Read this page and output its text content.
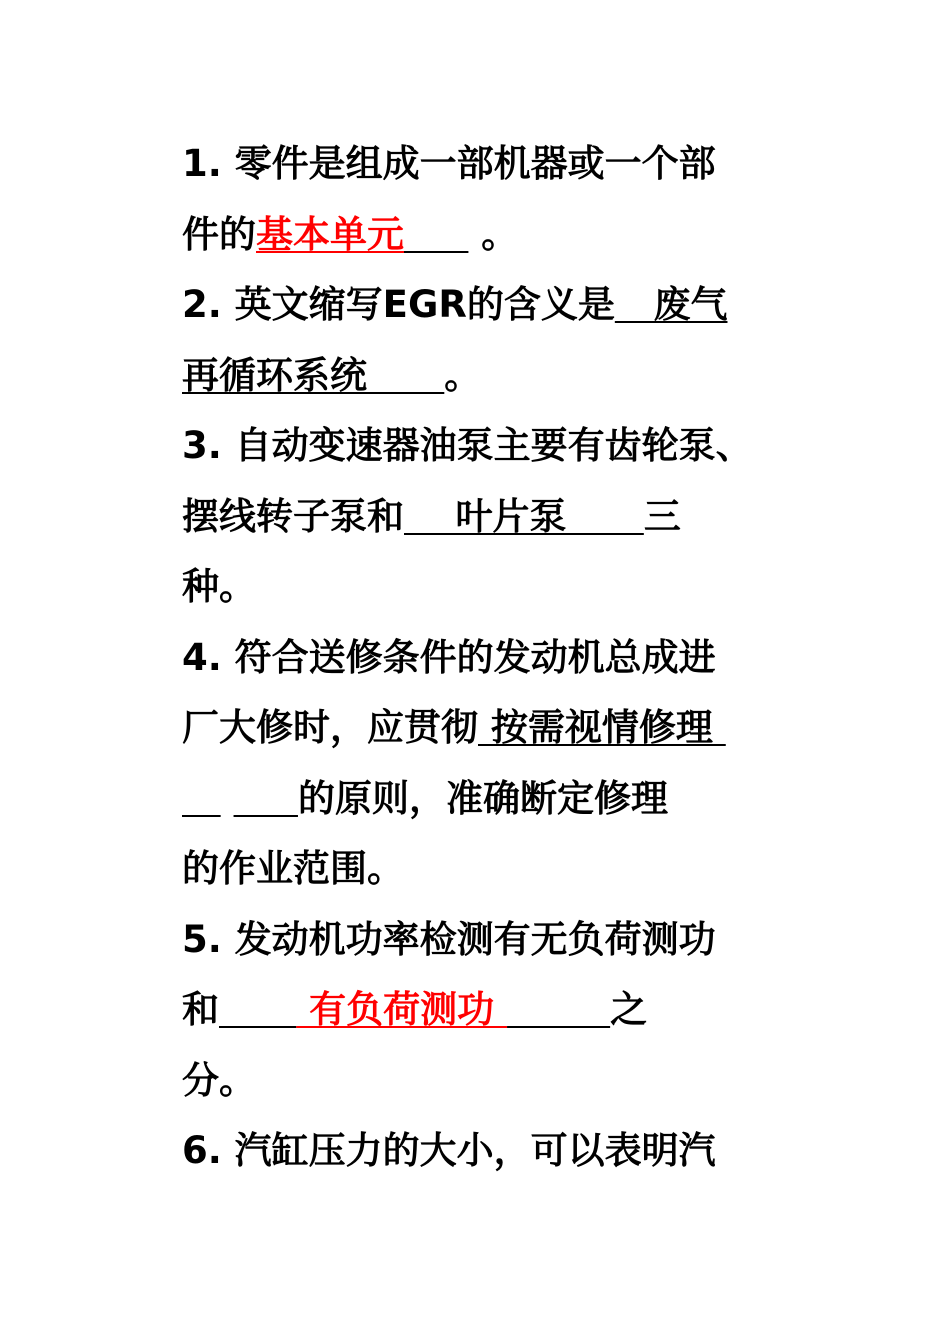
1. 零件是组成一部机器或一个部
件的基本单元      。
2. 英文缩写EGR的含义是   废气
再循环系统      。
3. 自动变速器油泵主要有齿轮泵、
摆线转子泵和    叶片泵      三
种。
4. 符合送修条件的发动机总成进
厂大修时，应贯彻 按需视情修理
的原则，准确断定修理
的作业范围。
5. 发动机功率检测有无负荷测功
和       有负荷测功	之
分。
6. 汽缸压力的大小，可以表明汽
